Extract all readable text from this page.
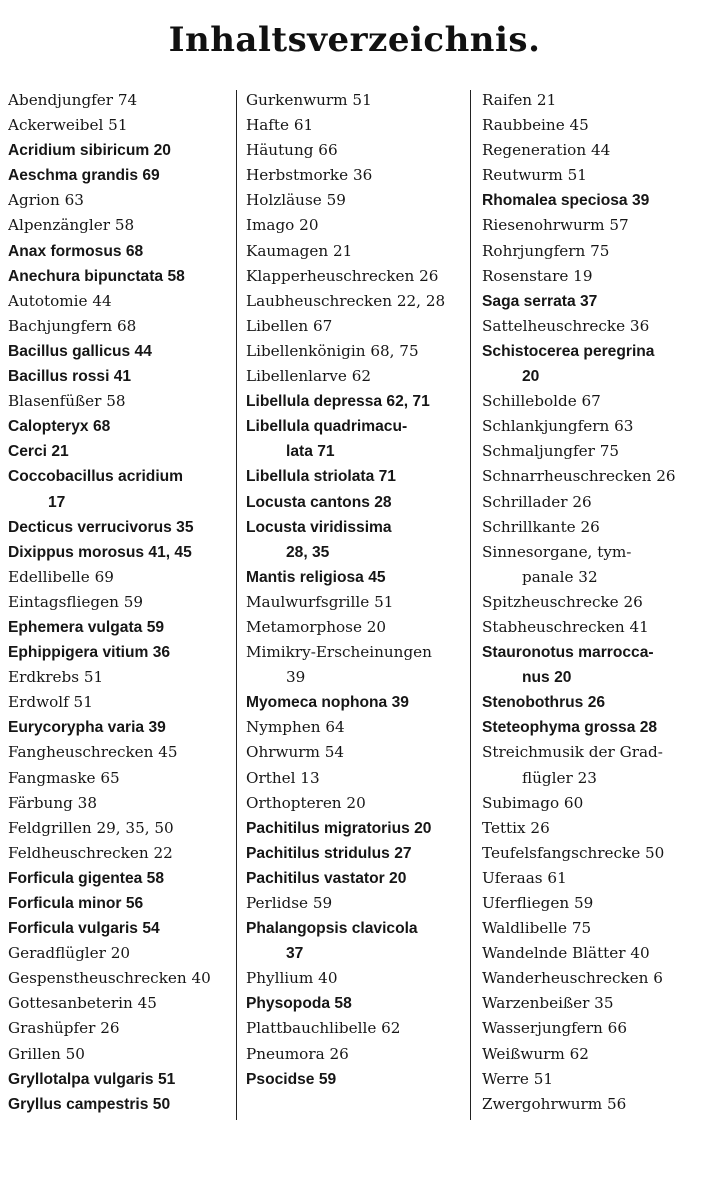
Inhaltsverzeichnis.
Abendjungfer 74
Ackerweibel 51
Acridium sibiricum 20
Aeschma grandis 69
Agrion 63
Alpenzängler 58
Anax formosus 68
Anechura bipunctata 58
Autotomie 44
Bachjungfern 68
Bacillus gallicus 44
Bacillus rossi 41
Blasenfüßer 58
Calopteryx 68
Cerci 21
Coccobacillus acridium
17
Decticus verrucivorus 35
Dixippus morosus 41, 45
Edellibelle 69
Eintagsfliegen 59
Ephemera vulgata 59
Ephippigera vitium 36
Erdkrebs 51
Erdwolf 51
Eurycorypha varia 39
Fangheuschrecken 45
Fangmaske 65
Färbung 38
Feldgrillen 29, 35, 50
Feldheuschrecken 22
Forficula gigentea 58
Forficula minor 56
Forficula vulgaris 54
Geradflügler 20
Gespenstheuschrecken 40
Gottesanbeterin 45
Grashüpfer 26
Grillen 50
Gryllotalpa vulgaris 51
Gryllus campestris 50
Gurkenwurm 51
Hafte 61
Häutung 66
Herbstmorke 36
Holzläuse 59
Imago 20
Kaumagen 21
Klapperheuschrecken 26
Laubheuschrecken 22, 28
Libellen 67
Libellenkönigin 68, 75
Libellenlarve 62
Libellula depressa 62, 71
Libellula quadrimacu-
lata 71
Libellula striolata 71
Locusta cantons 28
Locusta viridissima
28, 35
Mantis religiosa 45
Maulwurfsgrille 51
Metamorphose 20
Mimikry-Erscheinungen
39
Myomeca nophona 39
Nymphen 64
Ohrwurm 54
Orthel 13
Orthopteren 20
Pachitilus migratorius 20
Pachitilus stridulus 27
Pachitilus vastator 20
Perlidse 59
Phalangopsis clavicola
37
Phyllium 40
Physopoda 58
Plattbauchlibelle 62
Pneumora 26
Psocidse 59
Raifen 21
Raubbeine 45
Regeneration 44
Reutwurm 51
Rhomalea speciosa 39
Riesenohrwurm 57
Rohrjungfern 75
Rosenstare 19
Saga serrata 37
Sattelheuschrecke 36
Schistocerea peregrina
20
Schillebolde 67
Schlankjungfern 63
Schmaljungfer 75
Schnarrheuschrecken 26
Schrillader 26
Schrillkante 26
Sinnesorgane, tym-
panale 32
Spitzheuschrecke 26
Stabheuschrecken 41
Stauronotus marrocca-
nus 20
Stenobothrus 26
Steteophyma grossa 28
Streichmusik der Grad-
flügler 23
Subimago 60
Tettix 26
Teufelsfangschrecke 50
Uferaas 61
Uferfliegen 59
Waldlibelle 75
Wandelnde Blätter 40
Wanderheuschrecken 6
Warzenbeißer 35
Wasserjungfern 66
Weißwurm 62
Werre 51
Zwergohrwurm 56
